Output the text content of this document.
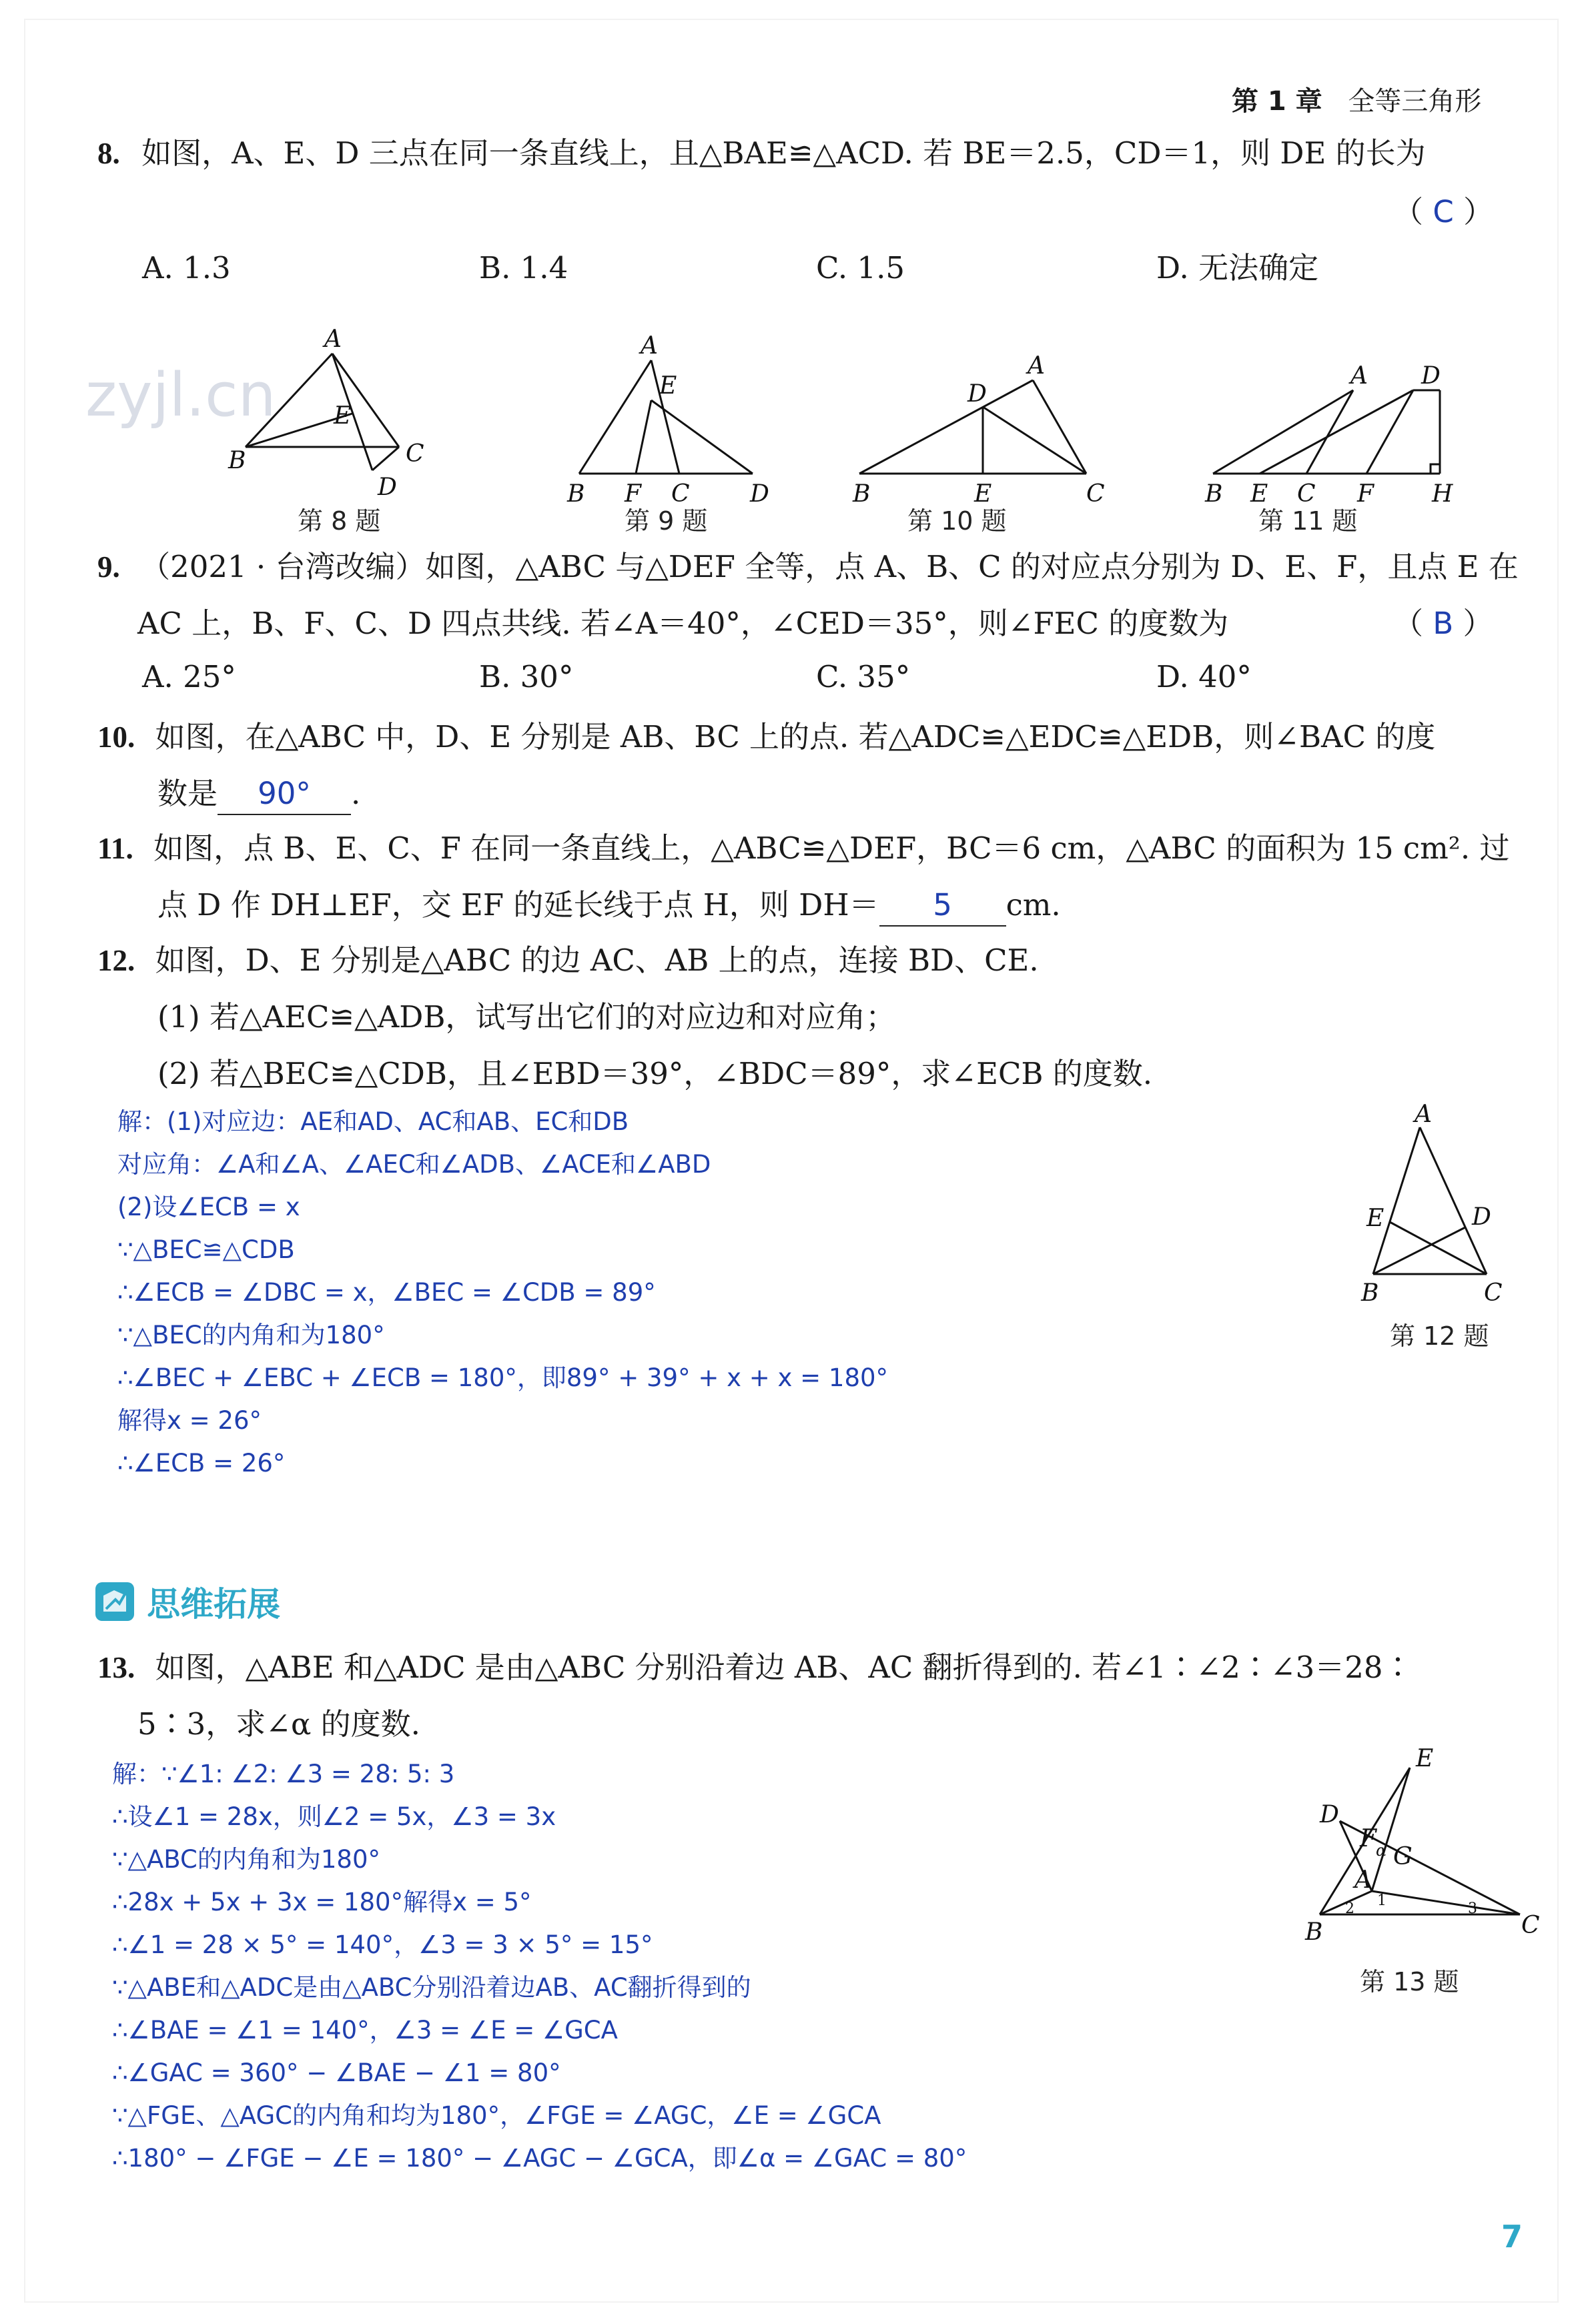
第 1 章 全等三角形
zyjl.cn
8. 如图，A、E、D 三点在同一条直线上，且△BAE≌△ACD. 若 BE＝2.5，CD＝1，则 DE 的长为
（ C ）
A. 1.3	B. 1.4	C. 1.5	D. 无法确定
A
E
B	C
D
第 8 题
A
E
B F C	D
第 9 题
A
D
B	E	C
第 10 题
A D
B E C F H
第 11 题
9. （2021 · 台湾改编）如图，△ABC 与△DEF 全等，点 A、B、C 的对应点分别为 D、E、F，且点 E 在
AC 上，B、F、C、D 四点共线. 若∠A＝40°，∠CED＝35°，则∠FEC 的度数为	（ B ）
A. 25°	B. 30°	C. 35°	D. 40°
10. 如图，在△ABC 中，D、E 分别是 AB、BC 上的点. 若△ADC≌△EDC≌△EDB，则∠BAC 的度
数是 90° .
11. 如图，点 B、E、C、F 在同一条直线上，△ABC≌△DEF，BC＝6 cm，△ABC 的面积为 15 cm². 过
点 D 作 DH⊥EF，交 EF 的延长线于点 H，则 DH＝ 5 cm.
12. 如图，D、E 分别是△ABC 的边 AC、AB 上的点，连接 BD、CE.
(1) 若△AEC≌△ADB，试写出它们的对应边和对应角；
(2) 若△BEC≌△CDB，且∠EBD＝39°，∠BDC＝89°，求∠ECB 的度数.
解：(1)对应边：AE和AD、AC和AB、EC和DB
对应角：∠A和∠A、∠AEC和∠ADB、∠ACE和∠ABD
(2)设∠ECB = x
∵△BEC≌△CDB
∴∠ECB = ∠DBC = x，∠BEC = ∠CDB = 89°
∵△BEC的内角和为180°
∴∠BEC + ∠EBC + ∠ECB = 180°，即89° + 39° + x + x = 180°
解得x = 26°
∴∠ECB = 26°
A
E	D
B	C
第 12 题
思维拓展
13. 如图，△ABE 和△ADC 是由△ABC 分别沿着边 AB、AC 翻折得到的. 若∠1∶∠2∶∠3＝28∶
5∶3，求∠α 的度数.
解：∵∠1: ∠2: ∠3 = 28: 5: 3
∴设∠1 = 28x，则∠2 = 5x，∠3 = 3x
∵△ABC的内角和为180°
∴28x + 5x + 3x = 180°解得x = 5°
∴∠1 = 28 × 5° = 140°，∠3 = 3 × 5° = 15°
∵△ABE和△ADC是由△ABC分别沿着边AB、AC翻折得到的
∴∠BAE = ∠1 = 140°，∠3 = ∠E = ∠GCA
∴∠GAC = 360° − ∠BAE − ∠1 = 80°
∵△FGE、△AGC的内角和均为180°，∠FGE = ∠AGC，∠E = ∠GCA
∴180° − ∠FGE − ∠E = 180° − ∠AGC − ∠GCA，即∠α = ∠GAC = 80°
E
D
F
G
A
B	C
α
1
2	3
第 13 题
7
